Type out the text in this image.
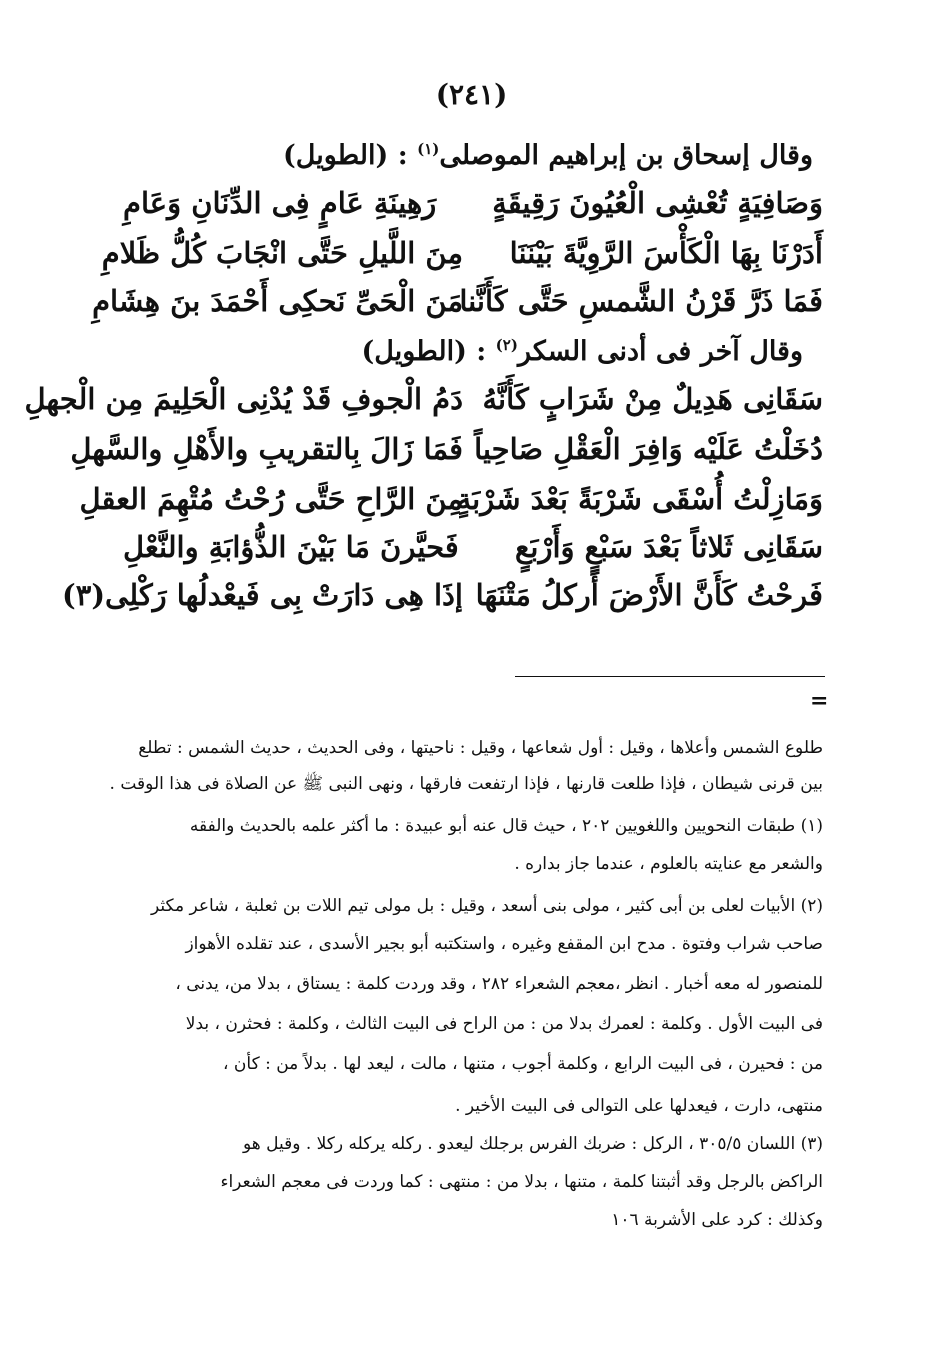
(٢٤١)
وقال إسحاق بن إبراهيم الموصلى$^{(١)}$ : (الطويل)
وَصَافِيَةٍ تُعْشِى الْعُيُونَ رَقِيقَةٍ
رَهِينَةِ عَامٍ فِى الدِّنَانِ وَعَامِ
أَدَرْنَا بِهَا الْكَأْسَ الرَّوِيَّةَ بَيْنَنَا
مِنَ اللَّيلِ حَتَّى انْجَابَ كُلُّ ظَلامِ
فَمَا ذَرَّ قَرْنُ الشَّمسِ حَتَّى كَأَنَّنا
مَنَ الْحَىِّ نَحكِى أَحْمَدَ بنَ هِشَامِ
وقال آخر فى أدنى السكر$^{(٢)}$ : (الطويل)
سَقَانِى هَدِيلٌ مِنْ شَرَابٍ كَأَنَّهُ
دَمُ الْجوفِ قَدْ يُدْنِى الْحَلِيمَ مِن الْجهلِ
دُخَلْتُ عَلَيْه وَافِرَ الْعَقْلِ صَاحِياً
فَمَا زَالَ بِالتقريبِ والأَهْلِ والسَّهلِ
وَمَازِلْتُ أُسْقَى شَرْبَةً بَعْدَ شَرْبَةٍ
مِنَ الرَّاحِ حَتَّى رُحْتُ مُتْهِمَ العقلِ
سَقَانِى ثَلاثاً بَعْدَ سَبْعٍ وَأَرْبَعٍ
فَحيَّرنَ مَا بَيْنَ الذُّؤابَةِ والنَّعْلِ
فَرحْتُ كَأَنَّ الأَرْضَ أَركلُ مَتْنَهَا
إذَا هِى دَارَتْ بِى فَيعْدلُها رَكْلِى(٣)
=
طلوع الشمس وأعلاها ، وقيل : أول شعاعها ، وقيل : ناحيتها ، وفى الحديث ، حديث الشمس : تطلع
بين قرنى شيطان ، فإذا طلعت قارنها ، فإذا ارتفعت فارقها ، ونهى النبى ﷺ عن الصلاة فى هذا الوقت .
(١) طبقات النحويين واللغويين ٢٠٢ ، حيث قال عنه أبو عبيدة : ما أكثر علمه بالحديث والفقه
والشعر مع عنايته بالعلوم ، عندما جاز بداره .
(٢) الأبيات لعلى بن أبى كثير ، مولى بنى أسعد ، وقيل : بل مولى تيم اللات بن ثعلبة ، شاعر مكثر
صاحب شراب وفتوة . مدح ابن المقفع وغيره ، واستكتبه أبو بجير الأسدى ، عند تقلده الأهواز
للمنصور له معه أخبار . انظر ،معجم الشعراء ٢٨٢ ، وقد وردت كلمة : يستاق ، بدلا من، يدنى ،
فى البيت الأول . وكلمة : لعمرك بدلا من : من الراح فى البيت الثالث ، وكلمة : فحثرن ، بدلا
من : فحيرن ، فى البيت الرابع ، وكلمة أجوب ، متنها ، مالت ، ليعد لها . بدلاً من : كأن ،
منتهى، دارت ، فيعدلها على التوالى فى البيت الأخير .
(٣) اللسان ٣٠٥/٥ ، الركل : ضربك الفرس برجلك ليعدو . ركله يركله ركلا . وقيل هو
الراكض بالرجل وقد أثبتنا كلمة ، متنها ، بدلا من : منتهى : كما وردت فى معجم الشعراء
وكذلك : كرد على الأشربة ١٠٦
